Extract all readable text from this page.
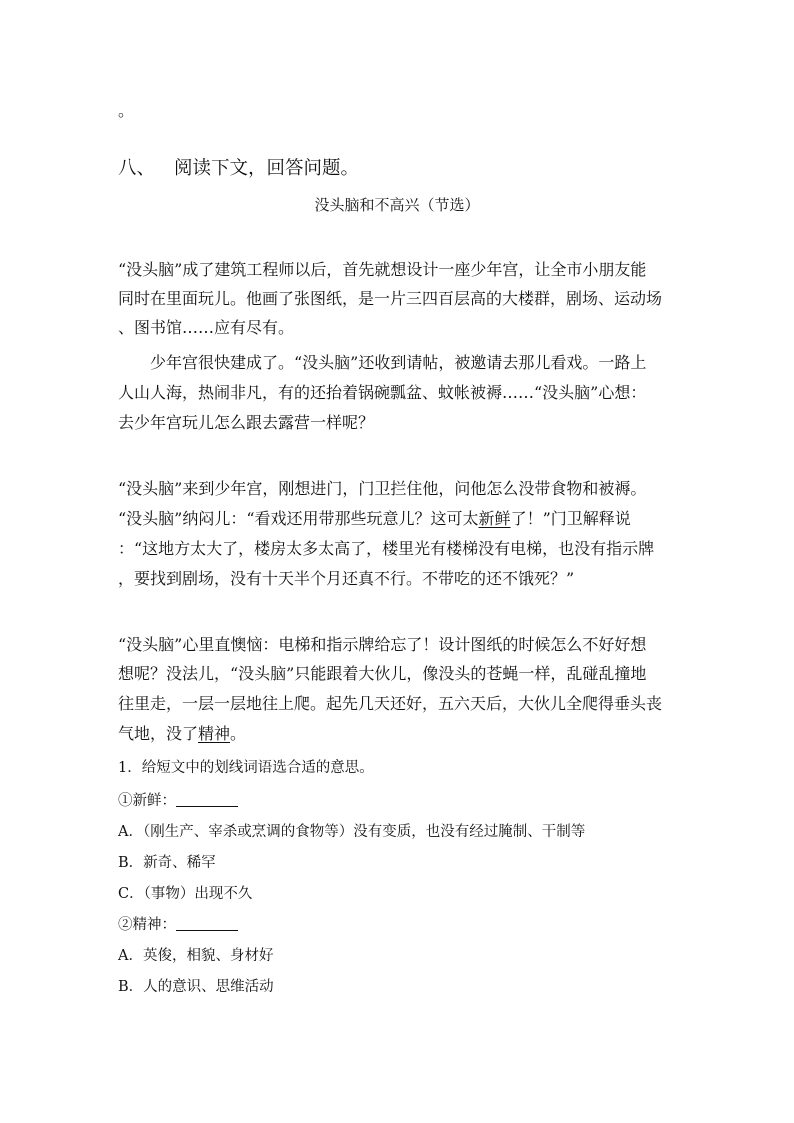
。
八、 阅读下文，回答问题。
没头脑和不高兴（节选）
“没头脑”成了建筑工程师以后，首先就想设计一座少年宫，让全市小朋友能
同时在里面玩儿。他画了张图纸，是一片三四百层高的大楼群，剧场、运动场
、图书馆……应有尽有。
少年宫很快建成了。“没头脑”还收到请帖，被邀请去那儿看戏。一路上
人山人海，热闹非凡，有的还抬着锅碗瓢盆、蚊帐被褥……“没头脑”心想：
去少年宫玩儿怎么跟去露营一样呢？
“没头脑”来到少年宫，刚想进门，门卫拦住他，问他怎么没带食物和被褥。
“没头脑”纳闷儿：“看戏还用带那些玩意儿？这可太新鲜了！”门卫解释说
：“这地方太大了，楼房太多太高了，楼里光有楼梯没有电梯，也没有指示牌
，要找到剧场，没有十天半个月还真不行。不带吃的还不饿死？”
“没头脑”心里直懊恼：电梯和指示牌给忘了！设计图纸的时候怎么不好好想
想呢？没法儿，“没头脑”只能跟着大伙儿，像没头的苍蝇一样，乱碰乱撞地
往里走，一层一层地往上爬。起先几天还好，五六天后，大伙儿全爬得垂头丧
气地，没了精神。
1．给短文中的划线词语选合适的意思。
①新鲜：
A．（刚生产、宰杀或烹调的食物等）没有变质，也没有经过腌制、干制等
B．新奇、稀罕
C．（事物）出现不久
②精神：
A．英俊，相貌、身材好
B．人的意识、思维活动
